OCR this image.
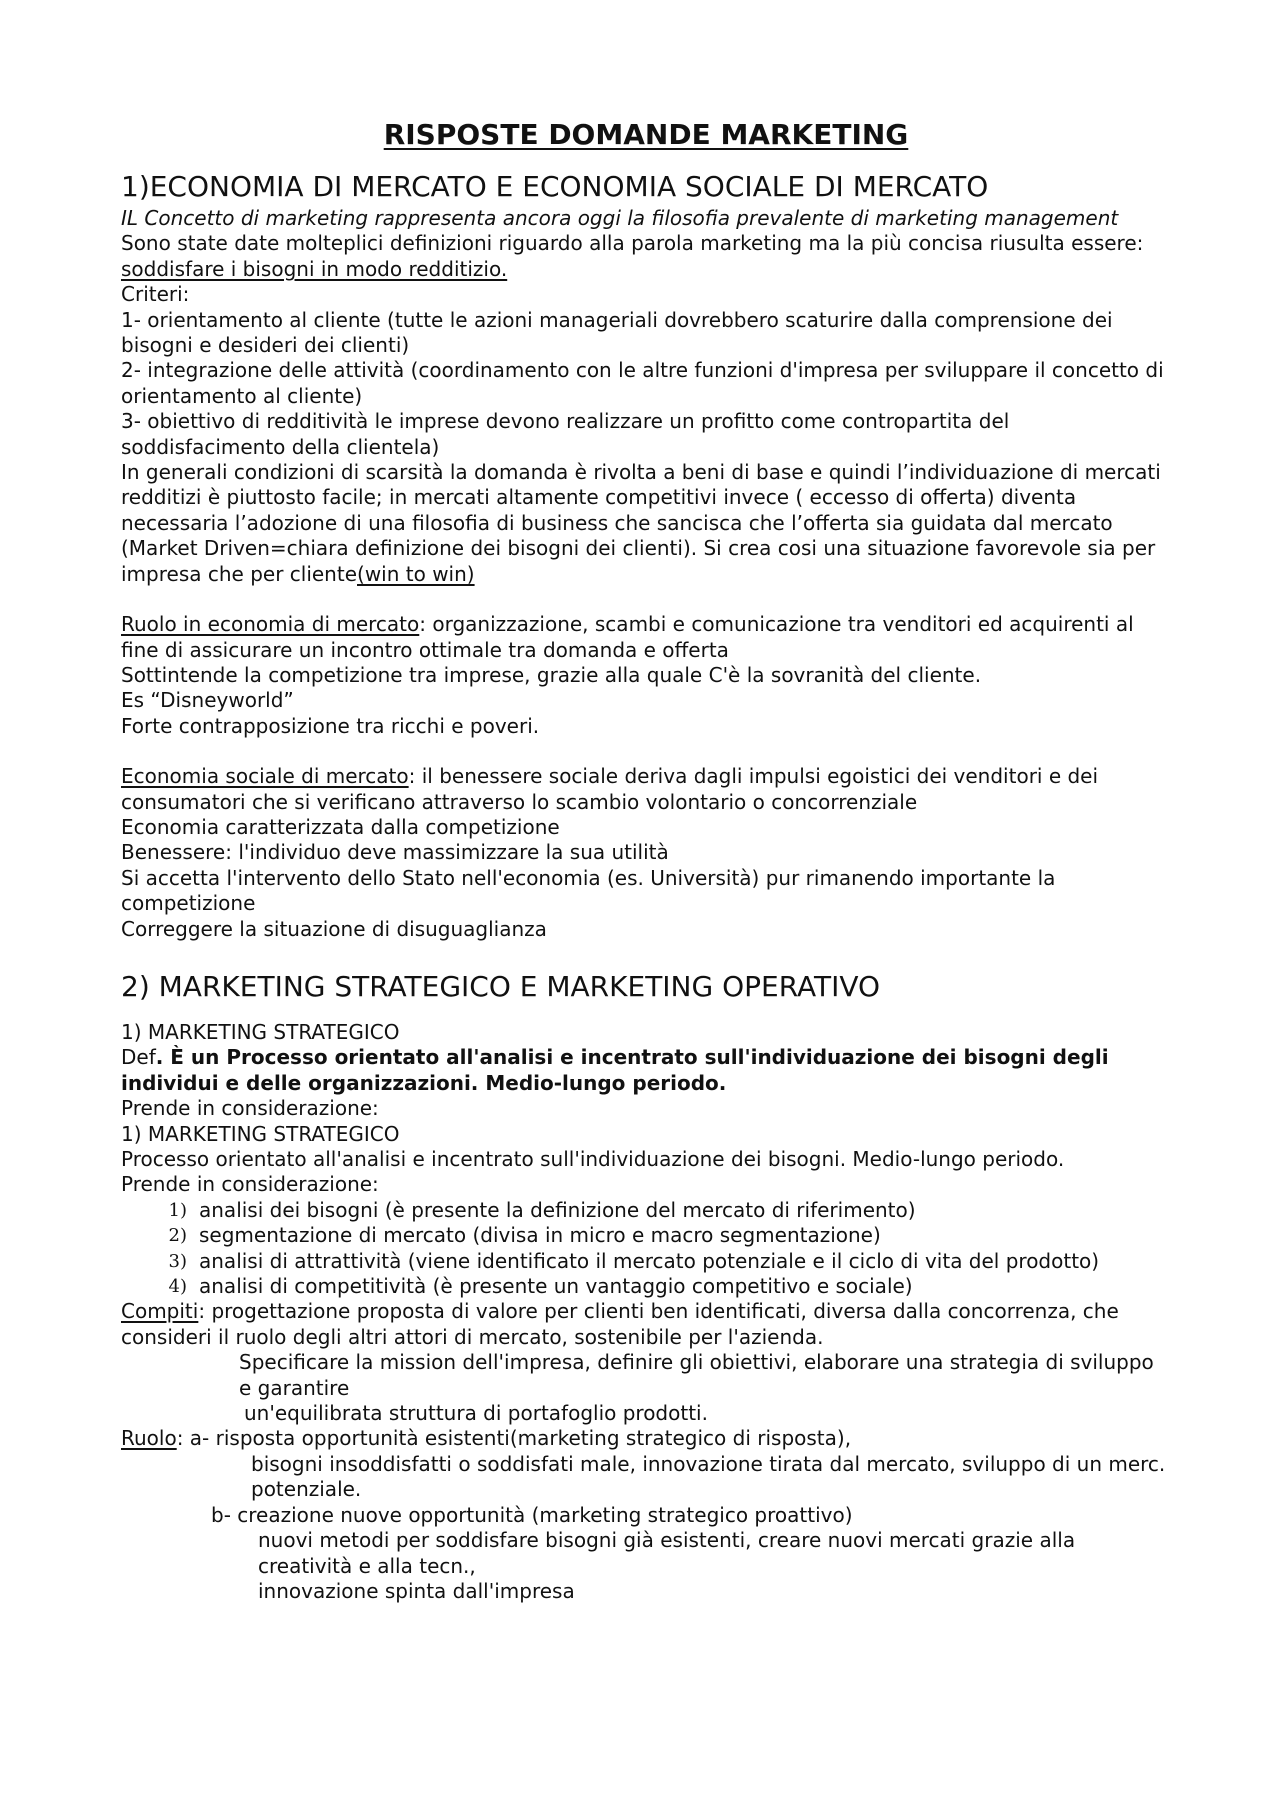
RISPOSTE DOMANDE MARKETING
1)ECONOMIA DI MERCATO E ECONOMIA SOCIALE DI MERCATO
IL Concetto di marketing rappresenta ancora oggi la filosofia prevalente di marketing management
Sono state date molteplici definizioni riguardo alla parola marketing ma la più concisa riusulta essere:
soddisfare i bisogni in modo redditizio.
Criteri:
1- orientamento al cliente (tutte le azioni manageriali dovrebbero scaturire dalla comprensione dei bisogni e desideri dei clienti)
2- integrazione delle attività (coordinamento con le altre funzioni d'impresa per sviluppare il concetto di orientamento al cliente)
3- obiettivo di redditività le imprese devono realizzare un profitto come contropartita del soddisfacimento della clientela)
In generali condizioni di scarsità la domanda è rivolta a beni di base e quindi l’individuazione di mercati redditizi è piuttosto facile; in mercati altamente competitivi invece ( eccesso di offerta) diventa necessaria l’adozione di una filosofia di business che sancisca che l’offerta sia guidata dal mercato (Market Driven=chiara definizione dei bisogni dei clienti). Si crea cosi una situazione favorevole sia per impresa che per cliente(win to win)
Ruolo in economia di mercato: organizzazione, scambi e comunicazione tra venditori ed acquirenti al fine di assicurare un incontro ottimale tra domanda e offerta
Sottintende la competizione tra imprese, grazie alla quale C'è la sovranità del cliente.
Es “Disneyworld”
Forte contrapposizione tra ricchi e poveri.
Economia sociale di mercato: il benessere sociale deriva dagli impulsi egoistici dei venditori e dei consumatori che si verificano attraverso lo scambio volontario o concorrenziale
Economia caratterizzata dalla competizione
Benessere: l'individuo deve massimizzare la sua utilità
Si accetta l'intervento dello Stato nell'economia (es. Università) pur rimanendo importante la competizione
Correggere la situazione di disuguaglianza
2) MARKETING STRATEGICO E MARKETING OPERATIVO
1) MARKETING STRATEGICO
Def. È un Processo orientato all'analisi e incentrato sull'individuazione dei bisogni degli individui e delle organizzazioni. Medio-lungo periodo.
Prende in considerazione:
1) MARKETING STRATEGICO
Processo orientato all'analisi e incentrato sull'individuazione dei bisogni. Medio-lungo periodo.
Prende in considerazione:
1) analisi dei bisogni (è presente la definizione del mercato di riferimento)
2) segmentazione di mercato (divisa in micro e macro segmentazione)
3) analisi di attrattività (viene identificato il mercato potenziale e il ciclo di vita del prodotto)
4) analisi di competitività (è presente un vantaggio competitivo e sociale)
Compiti: progettazione proposta di valore per clienti ben identificati, diversa dalla concorrenza, che consideri il ruolo degli altri attori di mercato, sostenibile per l'azienda.
Specificare la mission dell'impresa, definire gli obiettivi, elaborare una strategia di sviluppo e garantire
un'equilibrata struttura di portafoglio prodotti.
Ruolo: a- risposta opportunità esistenti(marketing strategico di risposta),
bisogni insoddisfatti o soddisfati male, innovazione tirata dal mercato, sviluppo di un merc. potenziale.
b- creazione nuove opportunità (marketing strategico proattivo)
nuovi metodi per soddisfare bisogni già esistenti, creare nuovi mercati grazie alla creatività e alla tecn.,
innovazione spinta dall'impresa
